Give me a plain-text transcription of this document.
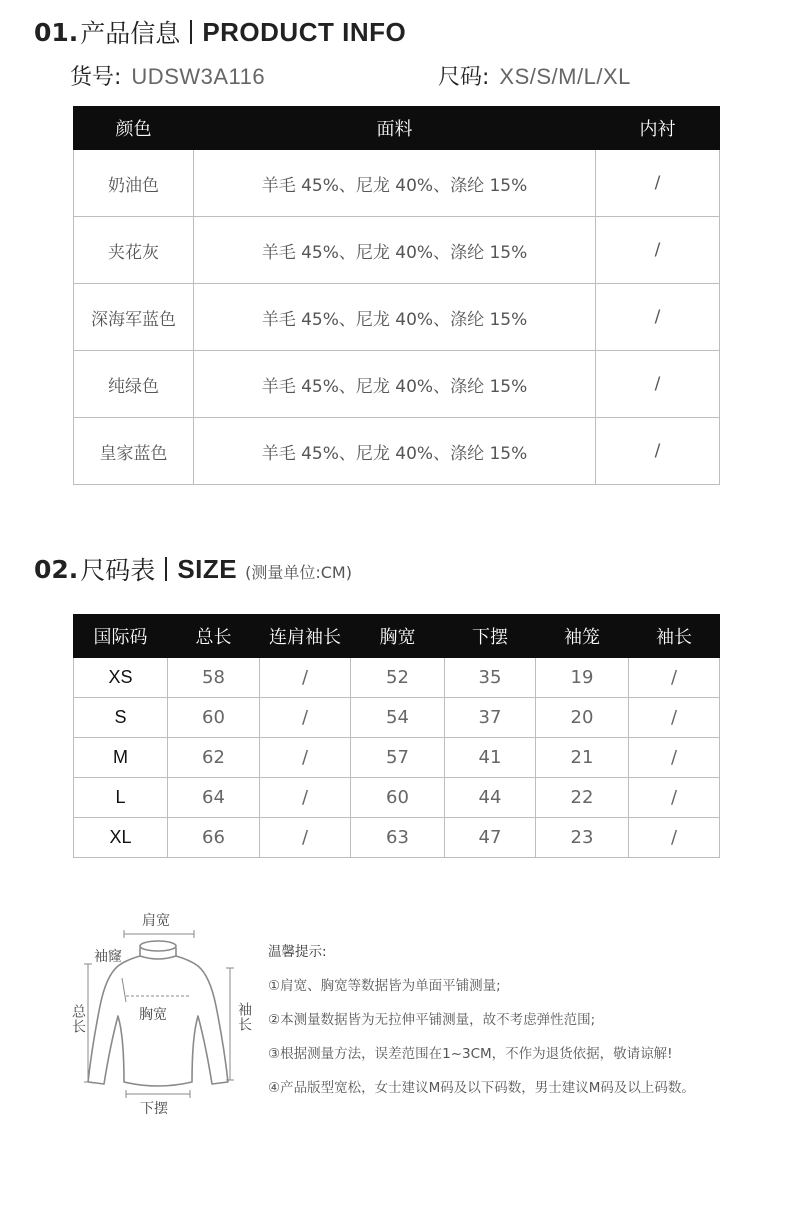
01. 产品信息 PRODUCT INFO
货号: UDSW3A116	尺码: XS/S/M/L/XL
颜色	面料	内衬
奶油色	羊毛 45%、尼龙 40%、涤纶 15%	/
夹花灰	羊毛 45%、尼龙 40%、涤纶 15%	/
深海军蓝色	羊毛 45%、尼龙 40%、涤纶 15%	/
纯绿色	羊毛 45%、尼龙 40%、涤纶 15%	/
皇家蓝色	羊毛 45%、尼龙 40%、涤纶 15%	/
02. 尺码表 SIZE (测量单位:CM)
国际码	总长	连肩袖长	胸宽	下摆	袖笼	袖长
XS	58	/	52	35	19	/
S	60	/	54	37	20	/
M	62	/	57	41	21	/
L	64	/	60	44	22	/
XL	66	/	63	47	23	/
肩宽
袖窿
总长	胸宽	袖长
下摆
温馨提示:
①肩宽、胸宽等数据皆为单面平铺测量;
②本测量数据皆为无拉伸平铺测量，故不考虑弹性范围;
③根据测量方法，误差范围在1~3CM，不作为退货依据，敬请谅解!
④产品版型宽松，女士建议M码及以下码数，男士建议M码及以上码数。
